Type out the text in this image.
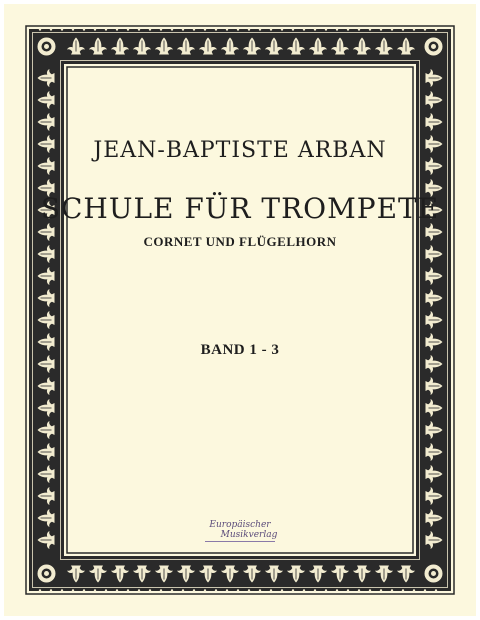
JEAN-BAPTISTE ARBAN
SCHULE FÜR TROMPETE
CORNET UND FLÜGELHORN
BAND 1 - 3
Europäischer
Musikverlag
